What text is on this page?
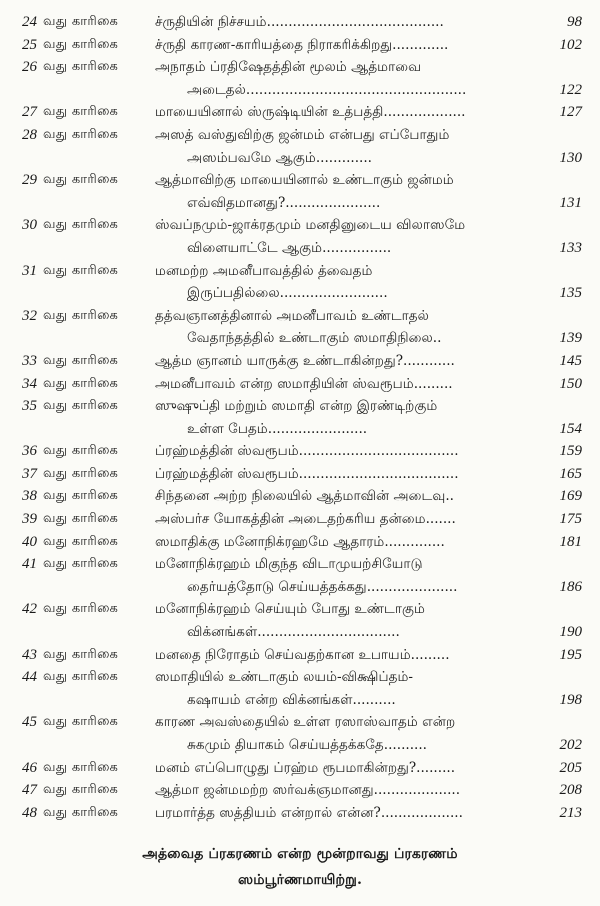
24 வது காரிகை	ச்ருதியின் நிச்சயம்.........................................	98
25 வது காரிகை	ச்ருதி காரண-காரியத்தை நிராகரிக்கிறது.............	102
26 வது காரிகை	அநாதம் ப்ரதிஷேதத்தின் மூலம் ஆத்மாவை
அடைதல்...................................................	122
27 வது காரிகை	மாயையினால் ஸ்ருஷ்டியின் உத்பத்தி...................	127
28 வது காரிகை	அஸத் வஸ்துவிற்கு ஜன்மம் என்பது எப்போதும்
அஸம்பவமே ஆகும்.............	130
29 வது காரிகை	ஆத்மாவிற்கு மாயையினால் உண்டாகும் ஜன்மம்
எவ்விதமானது?......................	131
30 வது காரிகை	ஸ்வப்நமும்-ஜாக்ரதமும் மனதினுடைய விலாஸமே
விளையாட்டே ஆகும்................	133
31 வது காரிகை	மனமற்ற அமனீபாவத்தில் த்வைதம்
இருப்பதில்லை.........................	135
32 வது காரிகை	தத்வஞானத்தினால் அமனீபாவம் உண்டாதல்
வேதாந்தத்தில் உண்டாகும் ஸமாதிநிலை..	139
33 வது காரிகை	ஆத்ம ஞானம் யாருக்கு உண்டாகின்றது?............	145
34 வது காரிகை	அமனீபாவம் என்ற ஸமாதியின் ஸ்வரூபம்.........	150
35 வது காரிகை	ஸுஷுப்தி மற்றும் ஸமாதி என்ற இரண்டிற்கும்
உள்ள பேதம்.......................	154
36 வது காரிகை	ப்ரஹ்மத்தின் ஸ்வரூபம்.....................................	159
37 வது காரிகை	ப்ரஹ்மத்தின் ஸ்வரூபம்.....................................	165
38 வது காரிகை	சிந்தனை அற்ற நிலையில் ஆத்மாவின் அடைவு..	169
39 வது காரிகை	அஸ்பர்ச யோகத்தின் அடைதற்கரிய தன்மை.......	175
40 வது காரிகை	ஸமாதிக்கு மனோநிக்ரஹமே ஆதாரம்..............	181
41 வது காரிகை	மனோநிக்ரஹம் மிகுந்த விடாமுயற்சியோடு
தைர்யத்தோடு செய்யத்தக்கது.....................	186
42 வது காரிகை	மனோநிக்ரஹம் செய்யும் போது உண்டாகும்
விக்னங்கள்.................................	190
43 வது காரிகை	மனதை நிரோதம் செய்வதற்கான உபாயம்.........	195
44 வது காரிகை	ஸமாதியில் உண்டாகும் லயம்-விக்ஷிப்தம்-
கஷாயம் என்ற விக்னங்கள்..........	198
45 வது காரிகை	காரண அவஸ்தையில் உள்ள ரஸாஸ்வாதம் என்ற
சுகமும் தியாகம் செய்யத்தக்கதே..........	202
46 வது காரிகை	மனம் எப்பொழுது ப்ரஹ்ம ரூபமாகின்றது?.........	205
47 வது காரிகை	ஆத்மா ஜன்மமற்ற ஸர்வக்ஞமானது....................	208
48 வது காரிகை	பரமார்த்த ஸத்தியம் என்றால் என்ன?...................	213
அத்வைத ப்ரகரணம் என்ற மூன்றாவது ப்ரகரணம்
ஸம்பூர்ணமாயிற்று.
